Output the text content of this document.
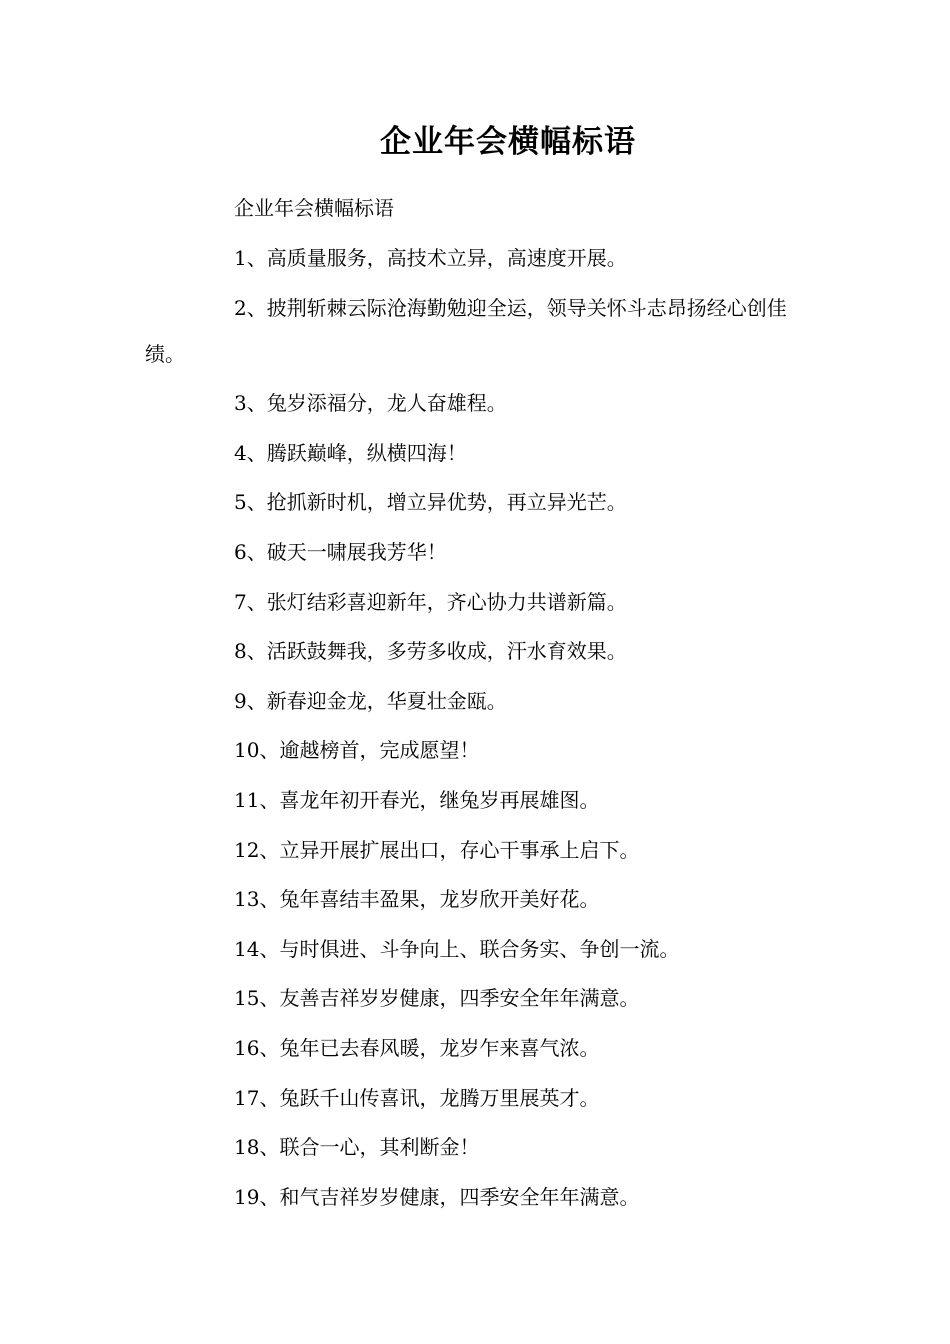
企业年会横幅标语

企业年会横幅标语

1、高质量服务，高技术立异，高速度开展。

2、披荆斩棘云际沧海勤勉迎全运，领导关怀斗志昂扬经心创佳绩。

3、兔岁添福分，龙人奋雄程。

4、腾跃巅峰，纵横四海！

5、抢抓新时机，增立异优势，再立异光芒。

6、破天一啸展我芳华！

7、张灯结彩喜迎新年，齐心协力共谱新篇。

8、活跃鼓舞我，多劳多收成，汗水育效果。

9、新春迎金龙，华夏壮金瓯。

10、逾越榜首，完成愿望！

11、喜龙年初开春光，继兔岁再展雄图。

12、立异开展扩展出口，存心干事承上启下。

13、兔年喜结丰盈果，龙岁欣开美好花。

14、与时俱进、斗争向上、联合务实、争创一流。

15、友善吉祥岁岁健康，四季安全年年满意。

16、兔年已去春风暖，龙岁乍来喜气浓。

17、兔跃千山传喜讯，龙腾万里展英才。

18、联合一心，其利断金！

19、和气吉祥岁岁健康，四季安全年年满意。
